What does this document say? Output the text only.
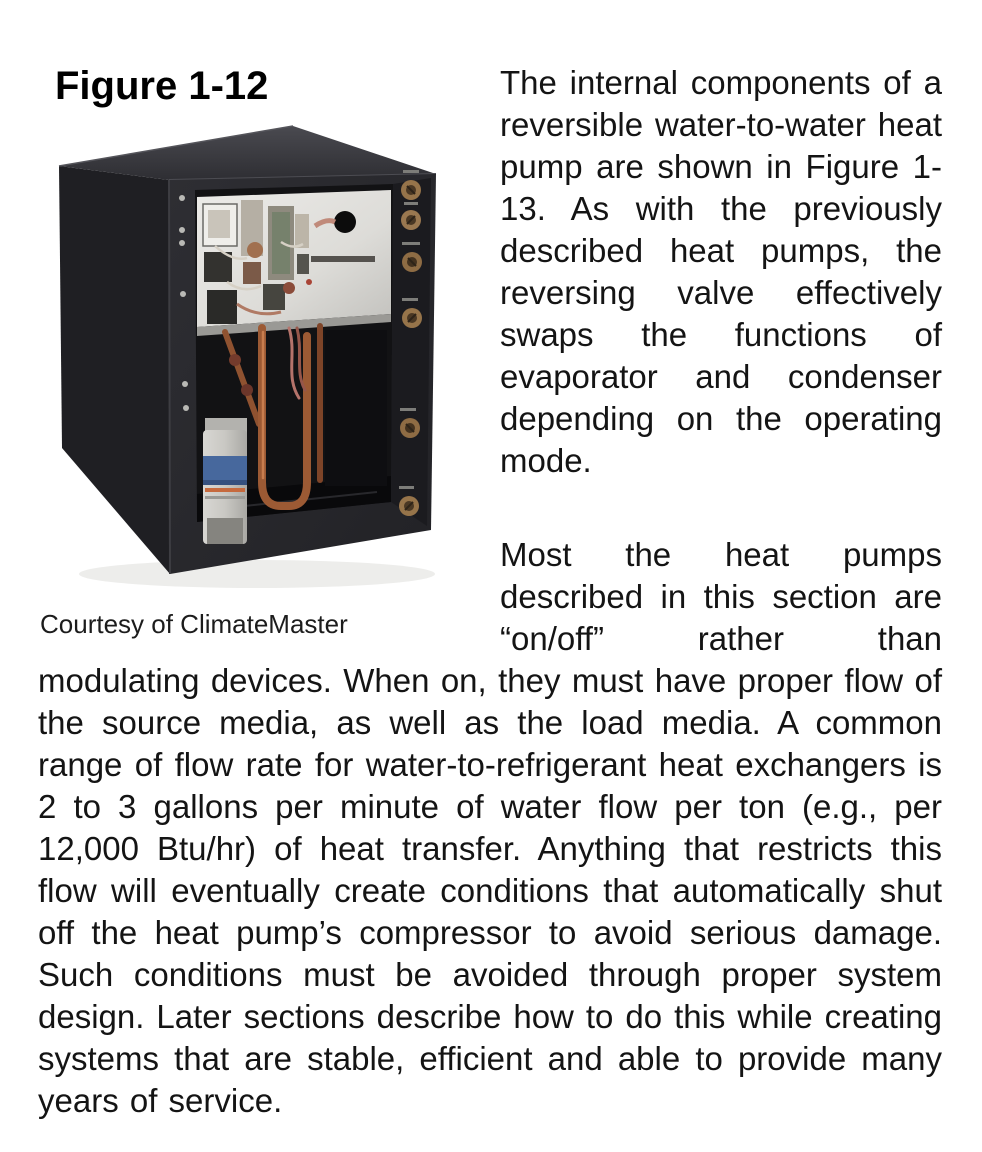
Figure 1-12
Courtesy of ClimateMaster

The internal components of a reversible water-to-water heat pump are shown in Figure 1-13. As with the previously described heat pumps, the reversing valve effectively swaps the functions of evaporator and condenser depending on the operating mode.

Most the heat pumps described in this section are “on/off” rather than modulating devices. When on, they must have proper flow of the source media, as well as the load media. A common range of flow rate for water-to-refrigerant heat exchangers is 2 to 3 gallons per minute of water flow per ton (e.g., per 12,000 Btu/hr) of heat transfer. Anything that restricts this flow will eventually create conditions that automatically shut off the heat pump’s compressor to avoid serious damage. Such conditions must be avoided through proper system design. Later sections describe how to do this while creating systems that are stable, efficient and able to provide many years of service.
